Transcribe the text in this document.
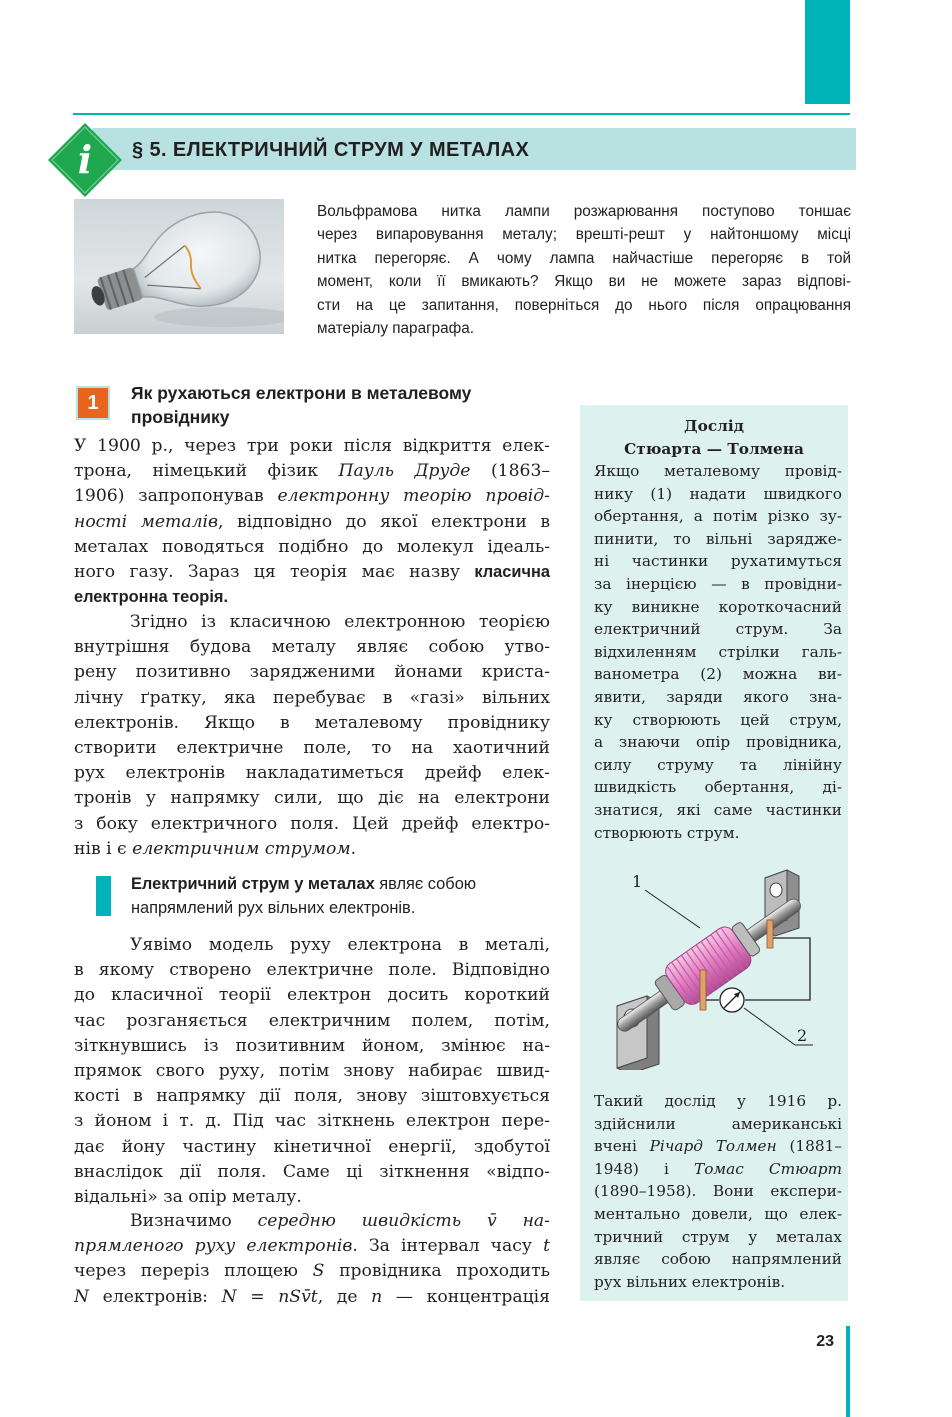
i § 5. ЕЛЕКТРИЧНИЙ СТРУМ У МЕТАЛАХ
Вольфрамова нитка лампи розжарювання поступово тоншає
через випаровування металу; врешті-решт у найтоншому місці
нитка перегоряє. А чому лампа найчастіше перегоряє в той
момент, коли її вмикають? Якщо ви не можете зараз відпові-
сти на це запитання, поверніться до нього після опрацювання
матеріалу параграфа.
1	Як рухаються електрони в металевому
провіднику
У 1900 р., через три роки після відкриття елек-
трона, німецький фізик Пауль Друде (1863–
1906) запропонував електронну теорію провід-
ності металів, відповідно до якої електрони в
металах поводяться подібно до молекул ідеаль-
ного газу. Зараз ця теорія має назву класична
електронна теорія.
Згідно із класичною електронною теорією
внутрішня будова металу являє собою утво-
рену позитивно зарядженими йонами криста-
лічну ґратку, яка перебуває в «газі» вільних
електронів. Якщо в металевому провіднику
створити електричне поле, то на хаотичний
рух електронів накладатиметься дрейф елек-
тронів у напрямку сили, що діє на електрони
з боку електричного поля. Цей дрейф електро-
нів і є електричним струмом.
Електричний струм у металах являє собою
напрямлений рух вільних електронів.
Уявімо модель руху електрона в металі,
в якому створено електричне поле. Відповідно
до класичної теорії електрон досить короткий
час розганяється електричним полем, потім,
зіткнувшись із позитивним йоном, змінює на-
прямок свого руху, потім знову набирає швид-
кості в напрямку дії поля, знову зіштовхується
з йоном і т. д. Під час зіткнень електрон пере-
дає йону частину кінетичної енергії, здобутої
внаслідок дії поля. Саме ці зіткнення «відпо-
відальні» за опір металу.
Визначимо середню швидкість v̄ на-
прямленого руху електронів. За інтервал часу t
через переріз площею S провідника проходить
N електронів: N = nSv̄t, де n — концентрація
Дослід
Стюарта — Толмена
Якщо металевому провід-
нику (1) надати швидкого
обертання, а потім різко зу-
пинити, то вільні заряджe-
ні частинки рухатимуться
за інерцією — в провідни-
ку виникне короткочасний
електричний струм. За
відхиленням стрілки галь-
ванометра (2) можна ви-
явити, заряди якого зна-
ку створюють цей струм,
а знаючи опір провідника,
силу струму та лінійну
швидкість обертання, ді-
знатися, які саме частинки
створюють струм.
1
2
Такий дослід у 1916 р.
здійснили американські
вчені Річард Толмен (1881–
1948) і Томас Стюарт
(1890–1958). Вони експери-
ментально довели, що елек-
тричний струм у металах
являє собою напрямлений
рух вільних електронів.
23
